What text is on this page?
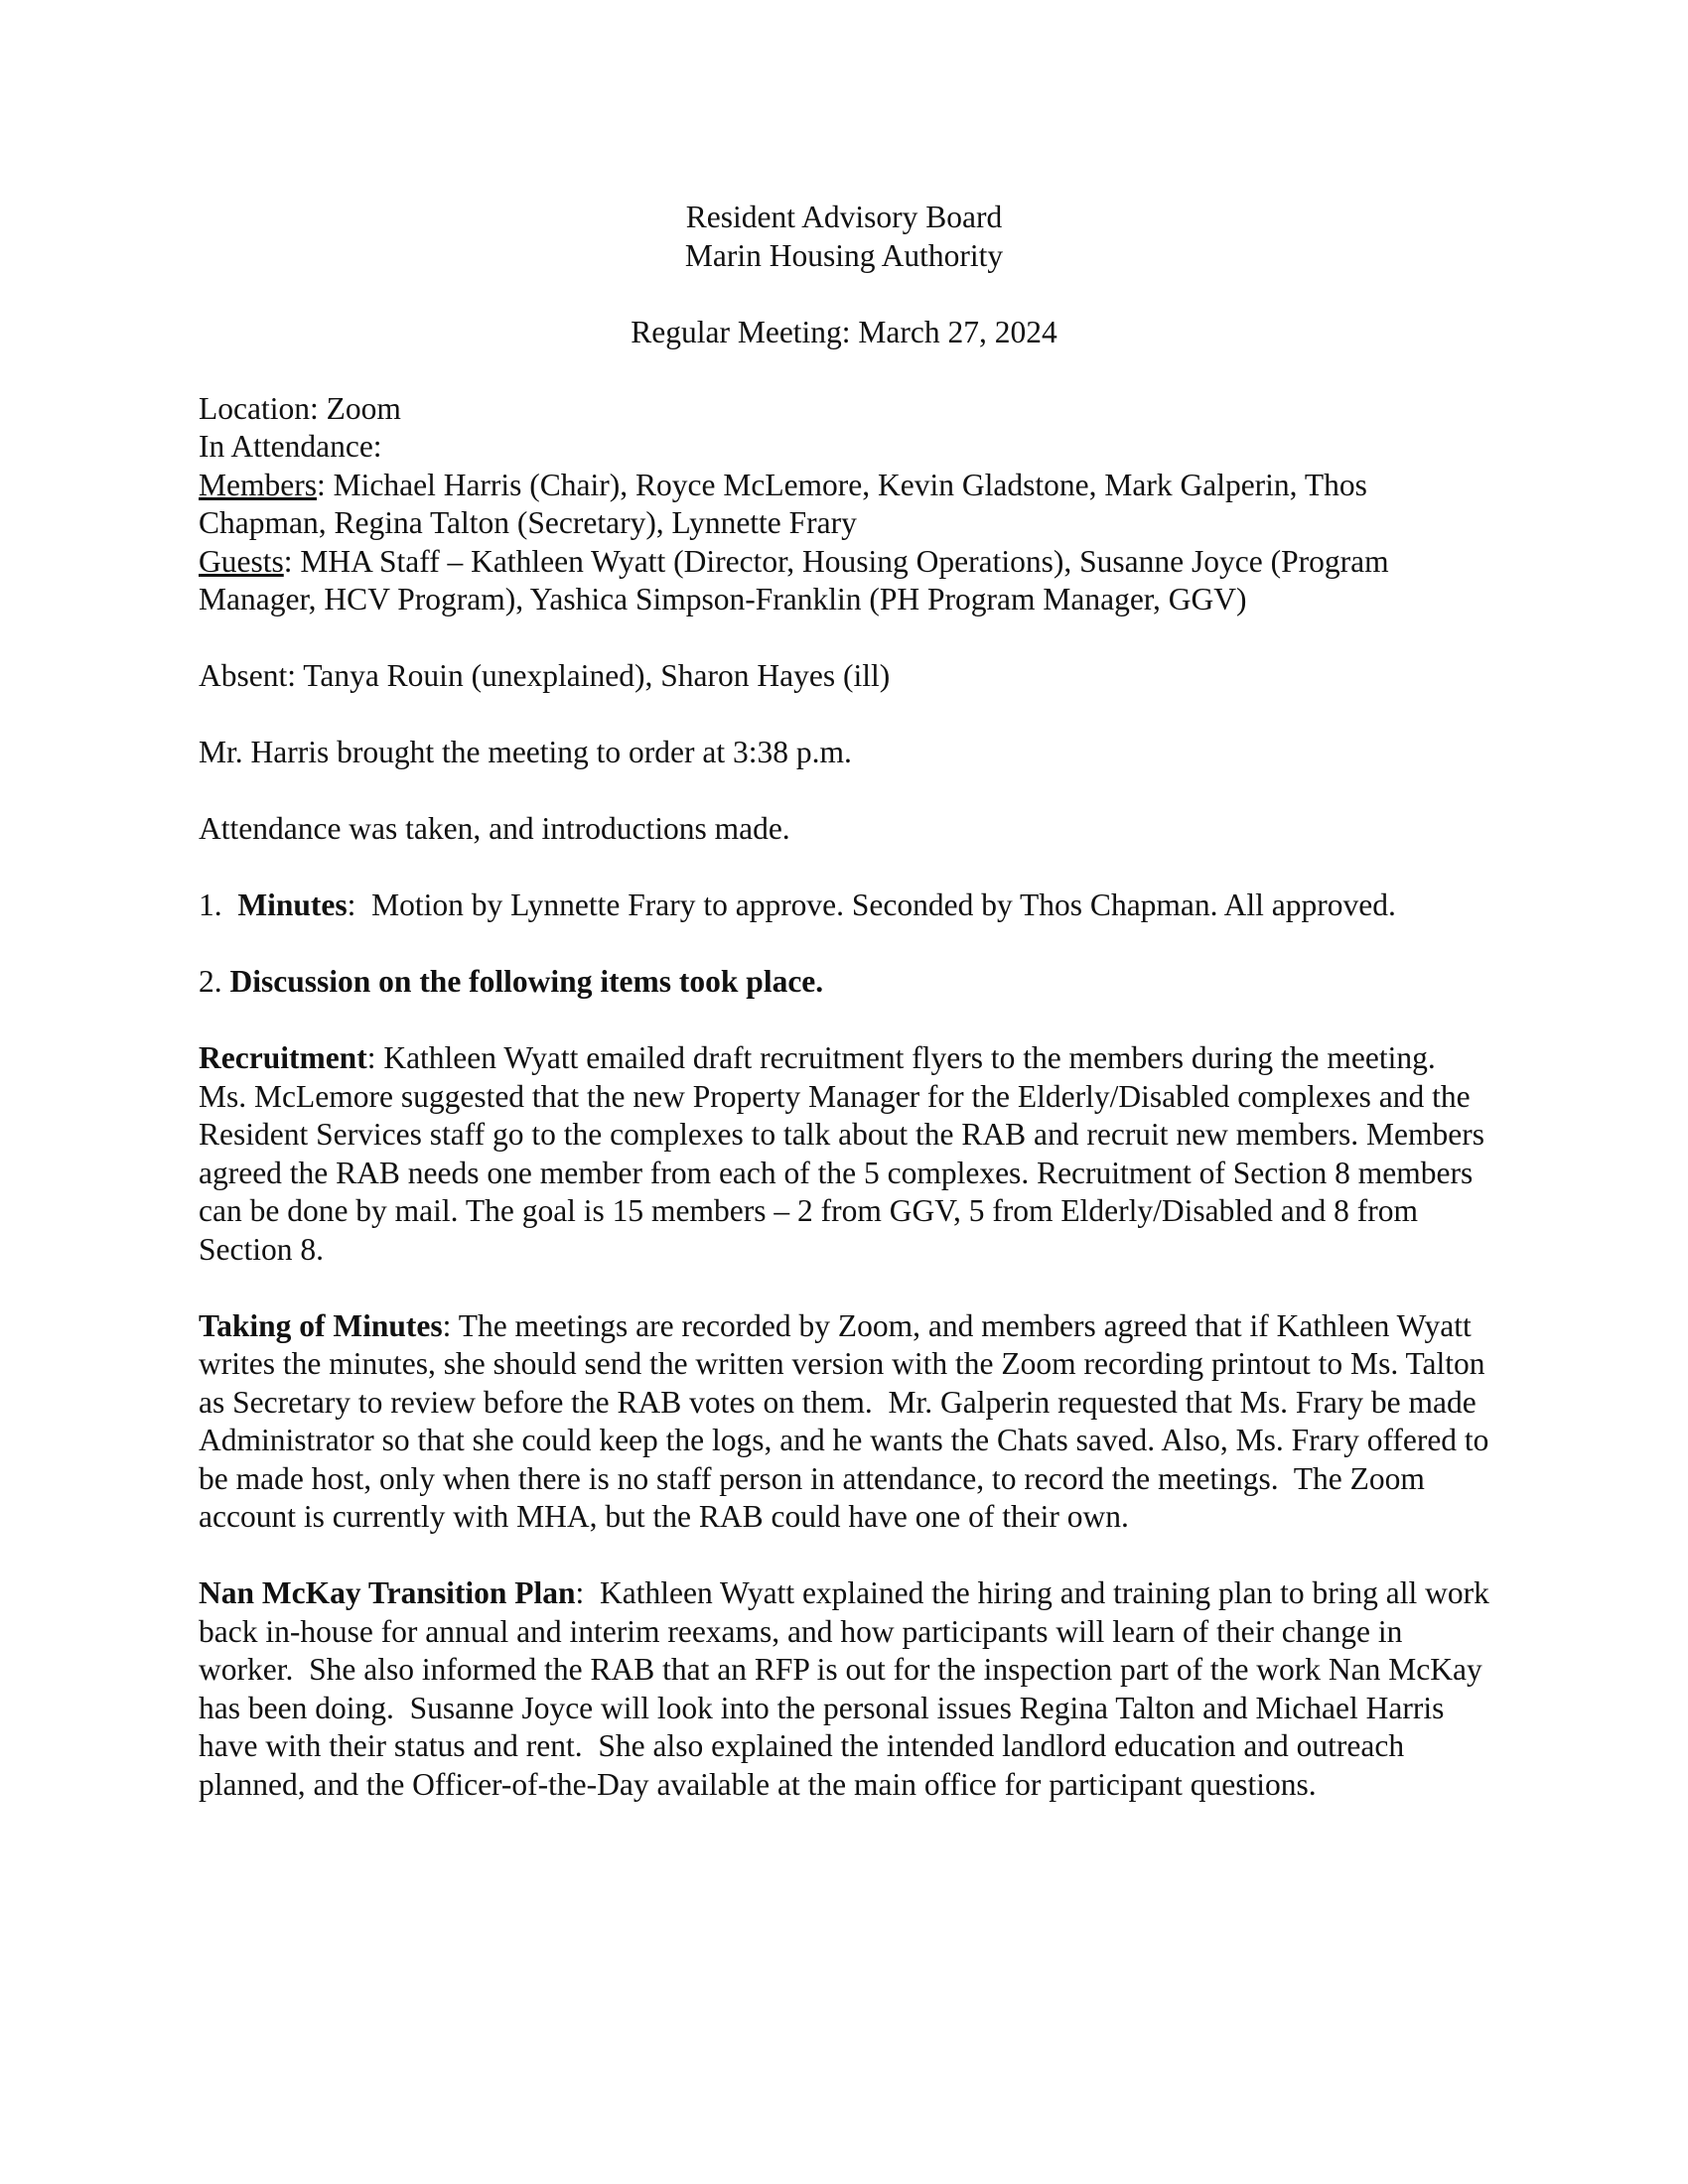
Resident Advisory Board
Marin Housing Authority
Regular Meeting: March 27, 2024

Location: Zoom

In Attendance:

Members: Michael Harris (Chair), Royce McLemore, Kevin Gladstone, Mark Galperin, Thos Chapman, Regina Talton (Secretary), Lynnette Frary

Guests: MHA Staff – Kathleen Wyatt (Director, Housing Operations), Susanne Joyce (Program Manager, HCV Program), Yashica Simpson-Franklin (PH Program Manager, GGV)

Absent: Tanya Rouin (unexplained), Sharon Hayes (ill)

Mr. Harris brought the meeting to order at 3:38 p.m.

Attendance was taken, and introductions made.

1.  Minutes:  Motion by Lynnette Frary to approve. Seconded by Thos Chapman. All approved.

2. Discussion on the following items took place.

Recruitment: Kathleen Wyatt emailed draft recruitment flyers to the members during the meeting. Ms. McLemore suggested that the new Property Manager for the Elderly/Disabled complexes and the Resident Services staff go to the complexes to talk about the RAB and recruit new members. Members agreed the RAB needs one member from each of the 5 complexes. Recruitment of Section 8 members can be done by mail. The goal is 15 members – 2 from GGV, 5 from Elderly/Disabled and 8 from Section 8.

Taking of Minutes: The meetings are recorded by Zoom, and members agreed that if Kathleen Wyatt writes the minutes, she should send the written version with the Zoom recording printout to Ms. Talton as Secretary to review before the RAB votes on them.  Mr. Galperin requested that Ms. Frary be made Administrator so that she could keep the logs, and he wants the Chats saved. Also, Ms. Frary offered to be made host, only when there is no staff person in attendance, to record the meetings.  The Zoom account is currently with MHA, but the RAB could have one of their own.

Nan McKay Transition Plan:  Kathleen Wyatt explained the hiring and training plan to bring all work back in-house for annual and interim reexams, and how participants will learn of their change in worker.  She also informed the RAB that an RFP is out for the inspection part of the work Nan McKay has been doing.  Susanne Joyce will look into the personal issues Regina Talton and Michael Harris have with their status and rent.  She also explained the intended landlord education and outreach planned, and the Officer-of-the-Day available at the main office for participant questions.
